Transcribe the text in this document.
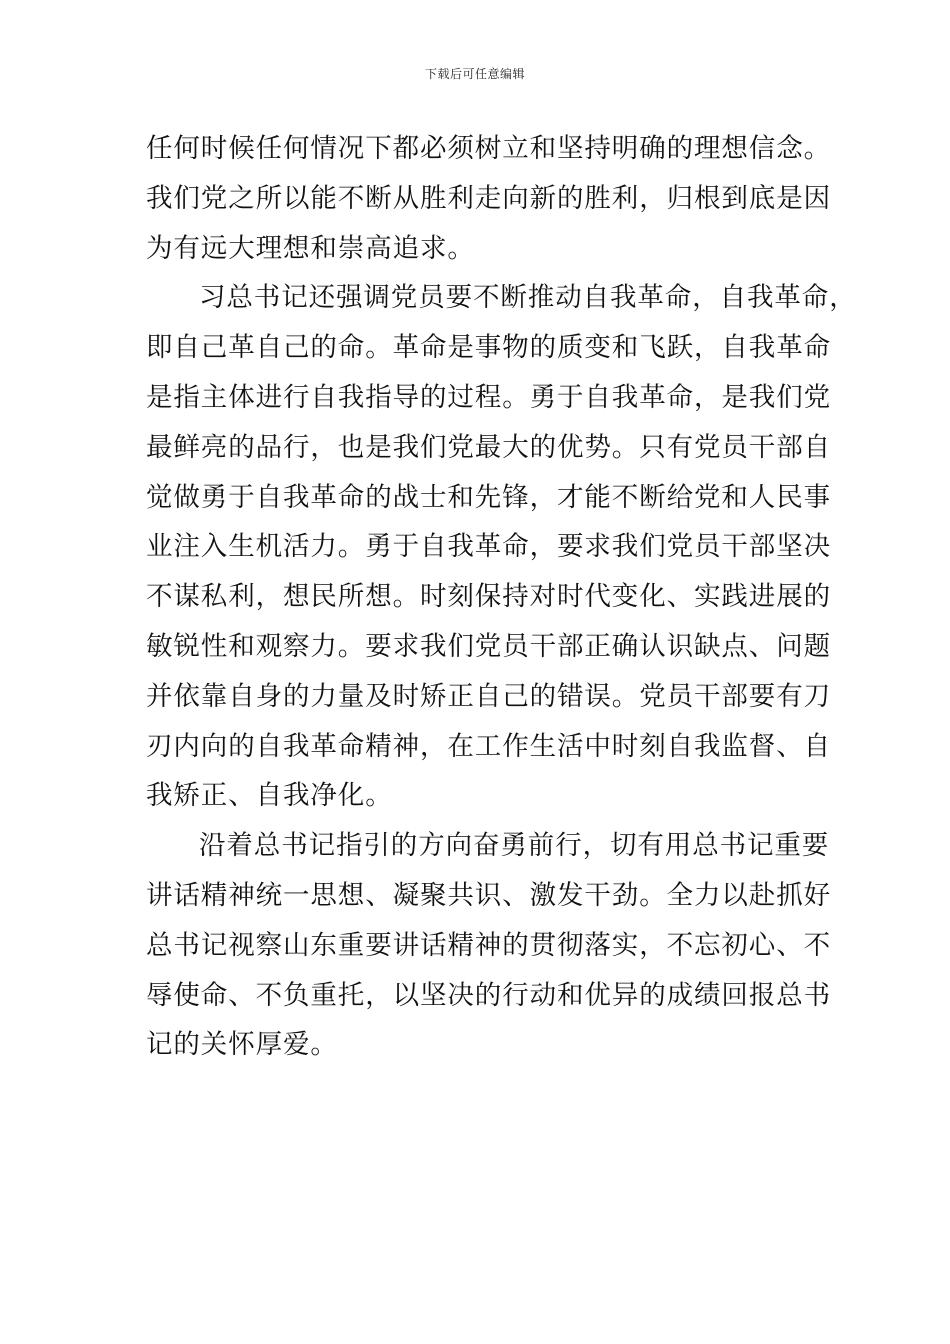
下载后可任意编辑
任何时候任何情况下都必须树立和坚持明确的理想信念。
我们党之所以能不断从胜利走向新的胜利，归根到底是因
为有远大理想和崇高追求。
习总书记还强调党员要不断推动自我革命，自我革命，
即自己革自己的命。革命是事物的质变和飞跃，自我革命
是指主体进行自我指导的过程。勇于自我革命，是我们党
最鲜亮的品行，也是我们党最大的优势。只有党员干部自
觉做勇于自我革命的战士和先锋，才能不断给党和人民事
业注入生机活力。勇于自我革命，要求我们党员干部坚决
不谋私利，想民所想。时刻保持对时代变化、实践进展的
敏锐性和观察力。要求我们党员干部正确认识缺点、问题
并依靠自身的力量及时矫正自己的错误。党员干部要有刀
刃内向的自我革命精神，在工作生活中时刻自我监督、自
我矫正、自我净化。
沿着总书记指引的方向奋勇前行，切有用总书记重要
讲话精神统一思想、凝聚共识、激发干劲。全力以赴抓好
总书记视察山东重要讲话精神的贯彻落实，不忘初心、不
辱使命、不负重托，以坚决的行动和优异的成绩回报总书
记的关怀厚爱。
